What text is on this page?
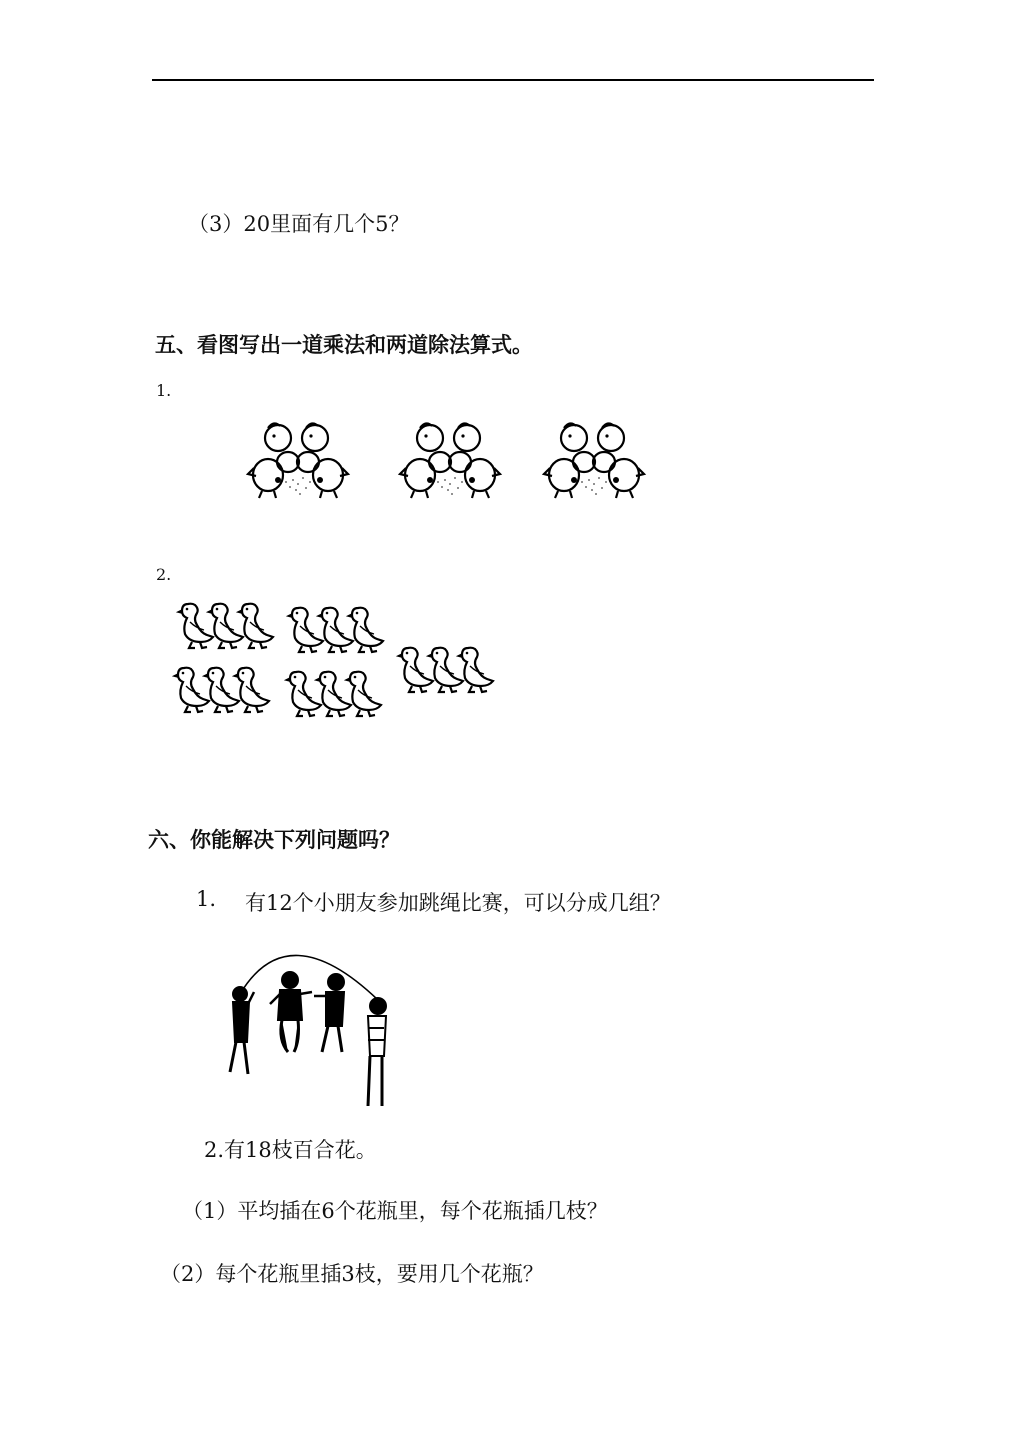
（3）20里面有几个5？
五、看图写出一道乘法和两道除法算式。
1.
2.
六、你能解决下列问题吗？
1. 有12个小朋友参加跳绳比赛，可以分成几组？
2.有18枝百合花。
（1）平均插在6个花瓶里，每个花瓶插几枝？
（2）每个花瓶里插3枝，要用几个花瓶？
